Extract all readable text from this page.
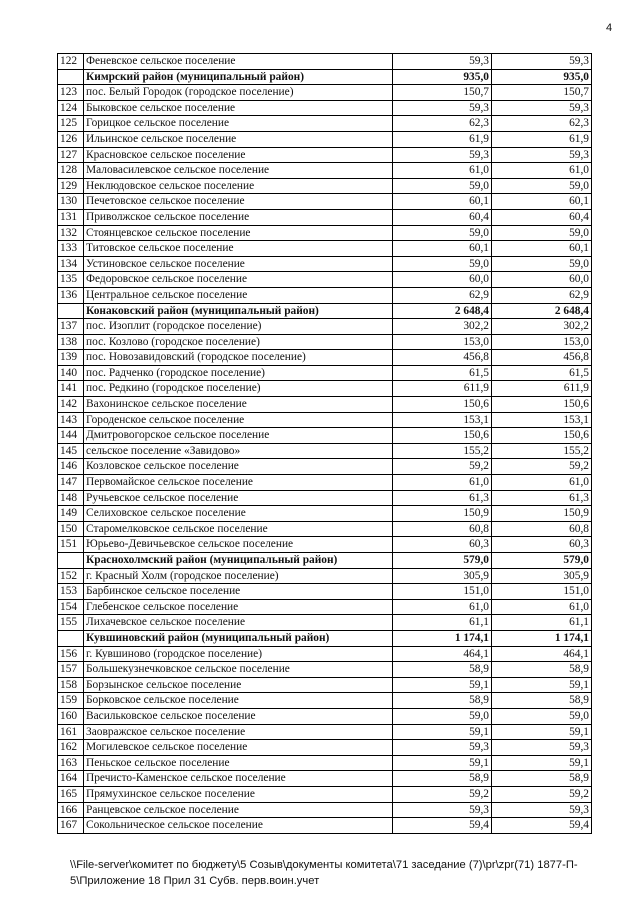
4
122	Феневское сельское поселение	59,3	59,3
	Кимрский район (муниципальный район)	935,0	935,0
123	пос. Белый Городок (городское поселение)	150,7	150,7
124	Быковское сельское поселение	59,3	59,3
125	Горицкое сельское поселение	62,3	62,3
126	Ильинское сельское поселение	61,9	61,9
127	Красновское сельское поселение	59,3	59,3
128	Маловасилевское сельское поселение	61,0	61,0
129	Неклюдовское сельское поселение	59,0	59,0
130	Печетовское сельское поселение	60,1	60,1
131	Приволжское сельское поселение	60,4	60,4
132	Стоянцевское сельское поселение	59,0	59,0
133	Титовское сельское поселение	60,1	60,1
134	Устиновское сельское поселение	59,0	59,0
135	Федоровское сельское поселение	60,0	60,0
136	Центральное сельское поселение	62,9	62,9
	Конаковский район (муниципальный район)	2 648,4	2 648,4
137	пос. Изоплит (городское поселение)	302,2	302,2
138	пос. Козлово (городское поселение)	153,0	153,0
139	пос. Новозавидовский (городское поселение)	456,8	456,8
140	пос. Радченко (городское поселение)	61,5	61,5
141	пос. Редкино (городское поселение)	611,9	611,9
142	Вахонинское сельское поселение	150,6	150,6
143	Городенское сельское поселение	153,1	153,1
144	Дмитровогорское сельское поселение	150,6	150,6
145	сельское поселение «Завидово»	155,2	155,2
146	Козловское сельское поселение	59,2	59,2
147	Первомайское сельское поселение	61,0	61,0
148	Ручьевское сельское поселение	61,3	61,3
149	Селиховское сельское поселение	150,9	150,9
150	Старомелковское сельское поселение	60,8	60,8
151	Юрьево-Девичьевское сельское поселение	60,3	60,3
	Краснохолмский район (муниципальный район)	579,0	579,0
152	г. Красный Холм (городское поселение)	305,9	305,9
153	Барбинское сельское поселение	151,0	151,0
154	Глебенское сельское поселение	61,0	61,0
155	Лихачевское сельское поселение	61,1	61,1
	Кувшиновский район (муниципальный район)	1 174,1	1 174,1
156	г. Кувшиново (городское поселение)	464,1	464,1
157	Большекузнечковское сельское поселение	58,9	58,9
158	Борзынское сельское поселение	59,1	59,1
159	Борковское сельское поселение	58,9	58,9
160	Васильковское сельское поселение	59,0	59,0
161	Заовражское сельское поселение	59,1	59,1
162	Могилевское сельское поселение	59,3	59,3
163	Пеньское сельское поселение	59,1	59,1
164	Пречисто-Каменское сельское поселение	58,9	58,9
165	Прямухинское сельское поселение	59,2	59,2
166	Ранцевское сельское поселение	59,3	59,3
167	Сокольническое сельское поселение	59,4	59,4
\\File-server\комитет по бюджету\5 Созыв\документы комитета\71 заседание (7)\pr\zpr(71) 1877-П-
5\Приложение 18 Прил 31 Субв. перв.воин.учет
